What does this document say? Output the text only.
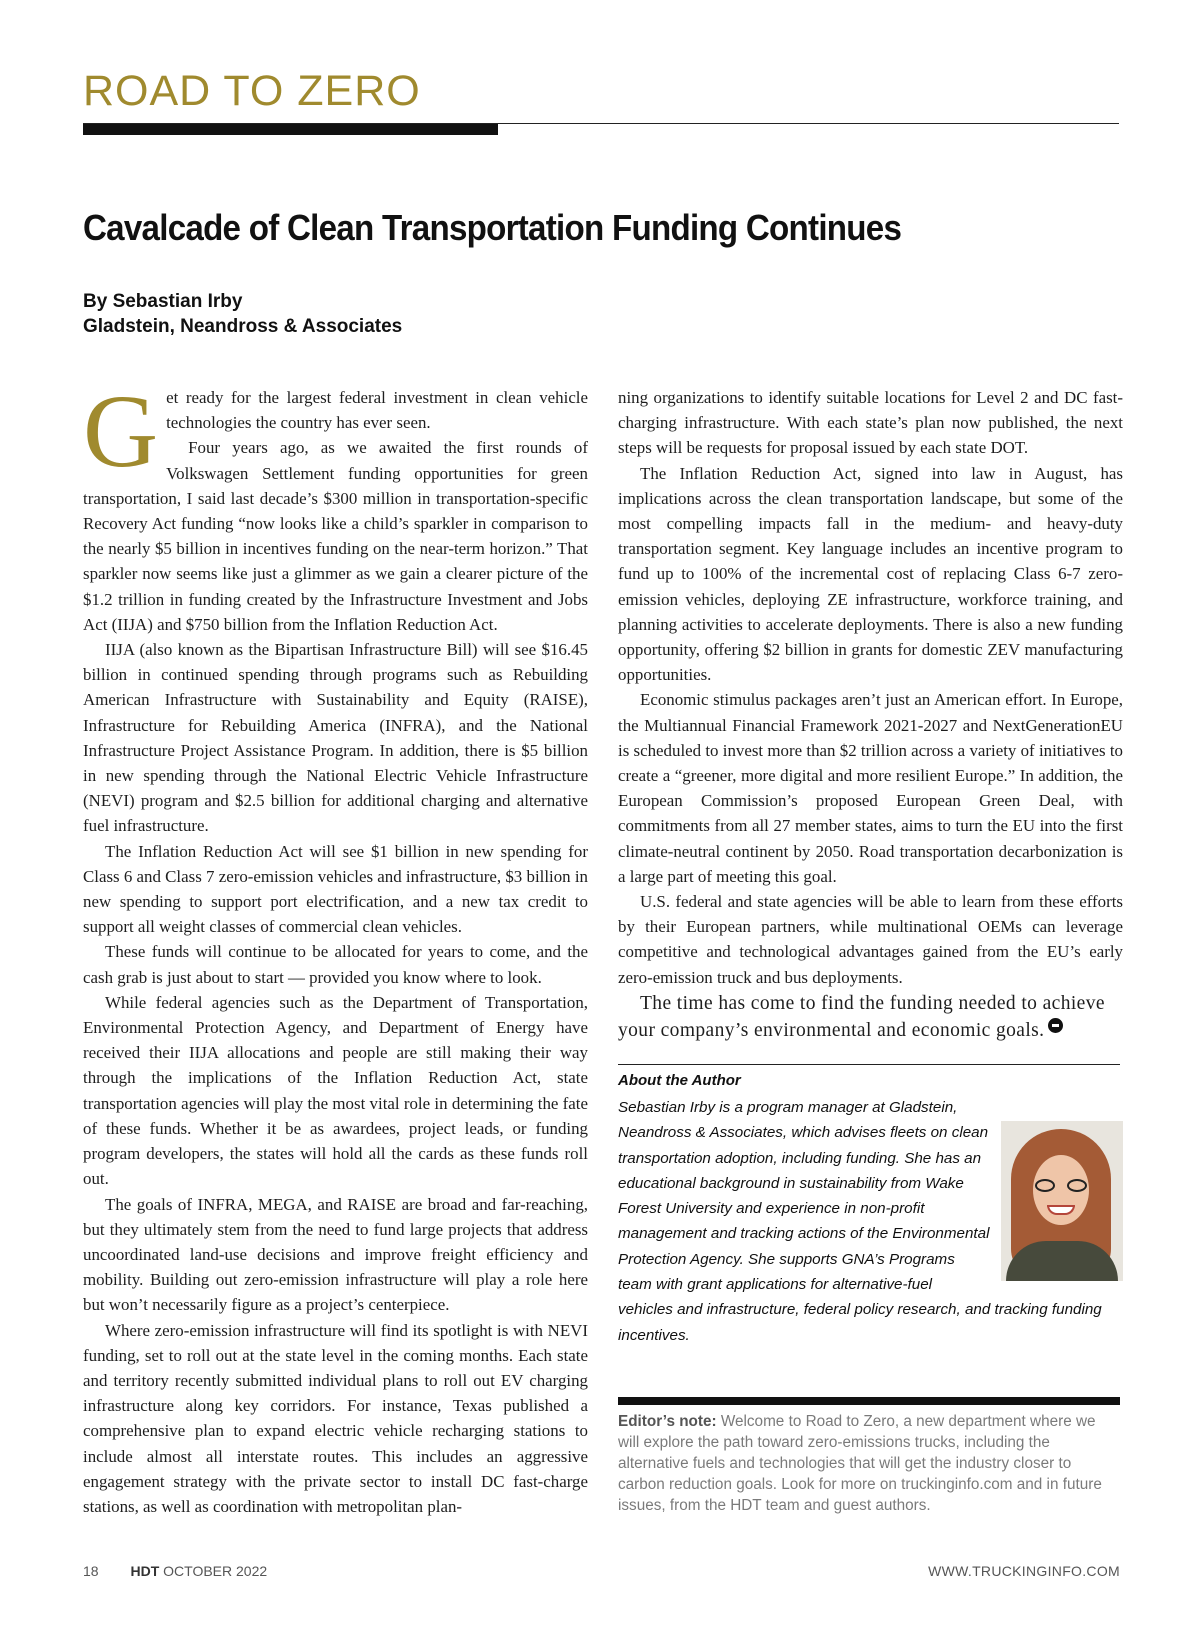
ROAD TO ZERO
Cavalcade of Clean Transportation Funding Continues
By Sebastian Irby
Gladstein, Neandross & Associates

Get ready for the largest federal investment in clean vehicle technologies the country has ever seen.

Four years ago, as we awaited the first rounds of Volkswagen Settlement funding opportunities for green transportation, I said last decade’s $300 million in transportation-specific Recovery Act funding “now looks like a child’s sparkler in comparison to the nearly $5 billion in incentives funding on the near-term horizon.” That sparkler now seems like just a glimmer as we gain a clearer picture of the $1.2 trillion in funding created by the Infrastructure Investment and Jobs Act (IIJA) and $750 billion from the Inflation Reduction Act.

IIJA (also known as the Bipartisan Infrastructure Bill) will see $16.45 billion in continued spending through programs such as Rebuilding American Infrastructure with Sustainability and Equity (RAISE), Infrastructure for Rebuilding America (INFRA), and the National Infrastructure Project Assistance Program. In addition, there is $5 billion in new spending through the National Electric Vehicle Infrastructure (NEVI) program and $2.5 billion for additional charging and alternative fuel infrastructure.

The Inflation Reduction Act will see $1 billion in new spending for Class 6 and Class 7 zero-emission vehicles and infrastructure, $3 billion in new spending to support port electrification, and a new tax credit to support all weight classes of commercial clean vehicles.

These funds will continue to be allocated for years to come, and the cash grab is just about to start — provided you know where to look.

While federal agencies such as the Department of Transportation, Environmental Protection Agency, and Department of Energy have received their IIJA allocations and people are still making their way through the implications of the Inflation Reduction Act, state transportation agencies will play the most vital role in determining the fate of these funds. Whether it be as awardees, project leads, or funding program developers, the states will hold all the cards as these funds roll out.

The goals of INFRA, MEGA, and RAISE are broad and far-reaching, but they ultimately stem from the need to fund large projects that address uncoordinated land-use decisions and improve freight efficiency and mobility. Building out zero-emission infrastructure will play a role here but won’t necessarily figure as a project’s centerpiece.

Where zero-emission infrastructure will find its spotlight is with NEVI funding, set to roll out at the state level in the coming months. Each state and territory recently submitted individual plans to roll out EV charging infrastructure along key corridors. For instance, Texas published a comprehensive plan to expand electric vehicle recharging stations to include almost all interstate routes. This includes an aggressive engagement strategy with the private sector to install DC fast-charge stations, as well as coordination with metropolitan plan-

ning organizations to identify suitable locations for Level 2 and DC fast-charging infrastructure. With each state’s plan now published, the next steps will be requests for proposal issued by each state DOT.

The Inflation Reduction Act, signed into law in August, has implications across the clean transportation landscape, but some of the most compelling impacts fall in the medium- and heavy-duty transportation segment. Key language includes an incentive program to fund up to 100% of the incremental cost of replacing Class 6-7 zero-emission vehicles, deploying ZE infrastructure, workforce training, and planning activities to accelerate deployments. There is also a new funding opportunity, offering $2 billion in grants for domestic ZEV manufacturing opportunities.

Economic stimulus packages aren’t just an American effort. In Europe, the Multiannual Financial Framework 2021-2027 and NextGenerationEU is scheduled to invest more than $2 trillion across a variety of initiatives to create a “greener, more digital and more resilient Europe.” In addition, the European Commission’s proposed European Green Deal, with commitments from all 27 member states, aims to turn the EU into the first climate-neutral continent by 2050. Road transportation decarbonization is a large part of meeting this goal.

U.S. federal and state agencies will be able to learn from these efforts by their European partners, while multinational OEMs can leverage competitive and technological advantages gained from the EU’s early zero-emission truck and bus deployments.

The time has come to find the funding needed to achieve your company’s environmental and economic goals.

About the Author
Sebastian Irby is a program manager at Gladstein, Neandross & Associates, which advises fleets on clean transportation adoption, including funding. She has an educational background in sustainability from Wake Forest University and experience in non-profit management and tracking actions of the Environmental Protection Agency. She supports GNA’s Programs team with grant applications for alternative-fuel vehicles and infrastructure, federal policy research, and tracking funding incentives.
Editor’s note: Welcome to Road to Zero, a new department where we will explore the path toward zero-emissions trucks, including the alternative fuels and technologies that will get the industry closer to carbon reduction goals. Look for more on truckinginfo.com and in future issues, from the HDT team and guest authors.
18 HDT OCTOBER 2022	WWW.TRUCKINGINFO.COM
